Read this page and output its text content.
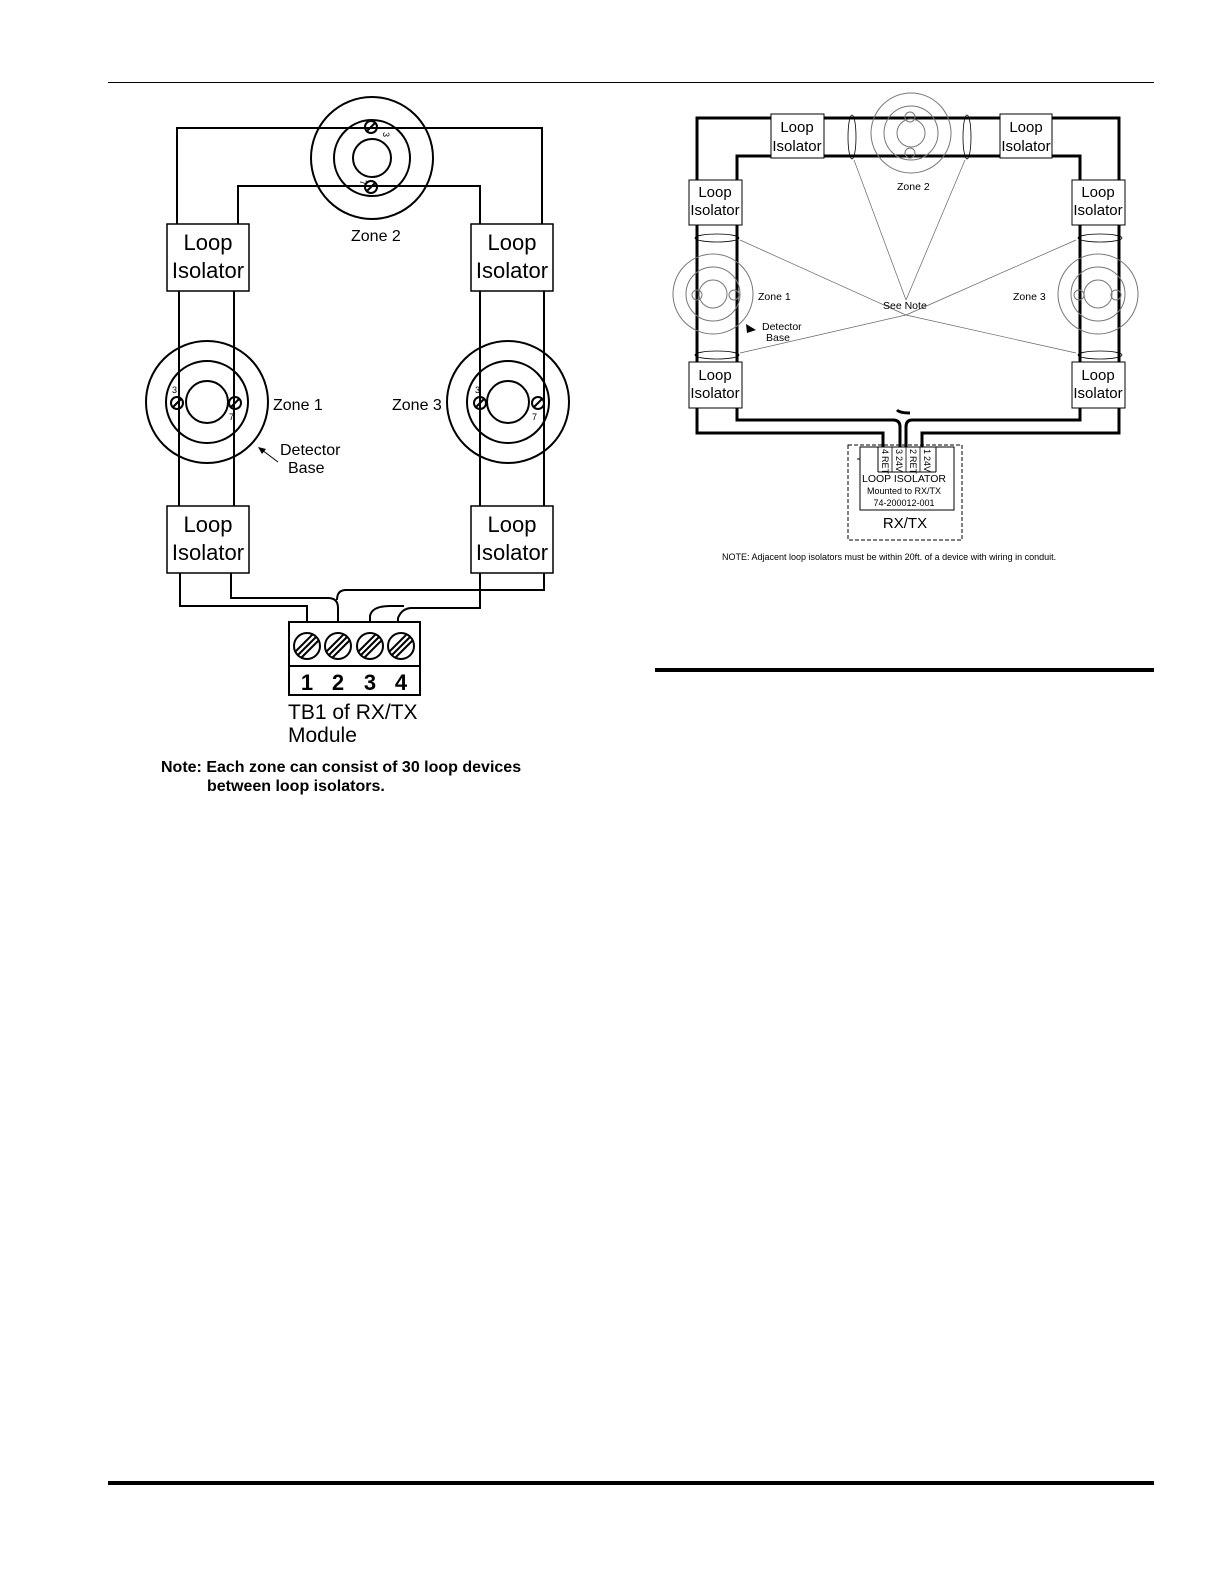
3
7
Zone 2
3
7
Zone 1
3
7
Zone 3
Detector
Base
Loop
Isolator
Loop
Isolator
Loop
Isolator
Loop
Isolator
1 2 3 4
TB1 of RX/TX
Module
Note: Each zone can consist of 30 loop devices
between loop isolators.
See Note
Zone 2
Zone 1	Zone 3
Detector
Base
Loop
Isolator
Loop
Isolator
Loop
Isolator
Loop
Isolator
Loop
Isolator
Loop
Isolator
4
RET
3
24V
2
RET
1
24V
LOOP ISOLATOR
Mounted to RX/TX
74-200012-001
RX/TX
NOTE: Adjacent loop isolators must be within 20ft. of a device with wiring in conduit.
